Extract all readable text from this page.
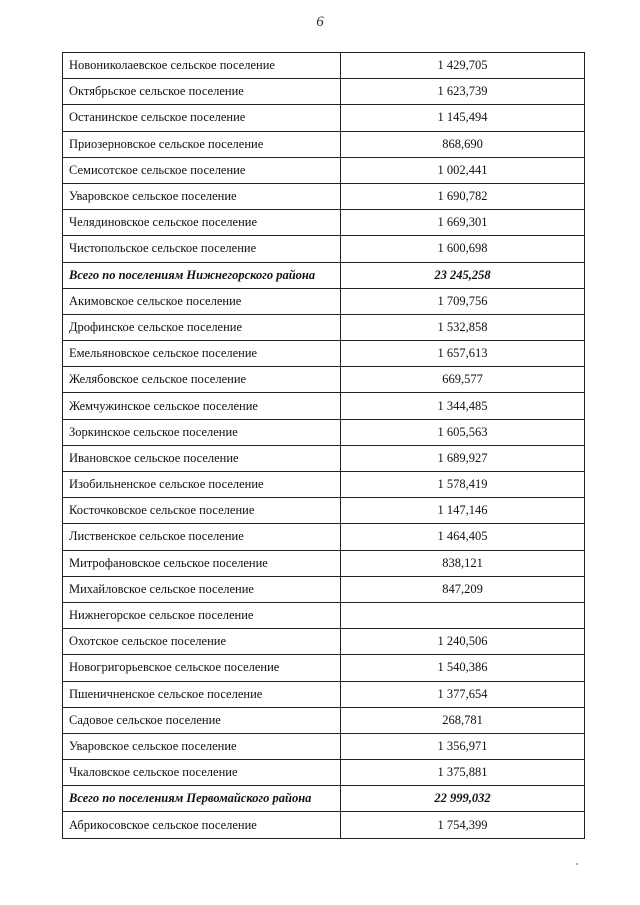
6
Новониколаевское сельское поселение	1 429,705
Октябрьское сельское поселение	1 623,739
Останинское сельское поселение	1 145,494
Приозерновское сельское поселение	868,690
Семисотское сельское поселение	1 002,441
Уваровское сельское поселение	1 690,782
Челядиновское сельское поселение	1 669,301
Чистопольское сельское поселение	1 600,698
Всего по поселениям Нижнегорского района	23 245,258
Акимовское сельское поселение	1 709,756
Дрофинское сельское поселение	1 532,858
Емельяновское сельское поселение	1 657,613
Желябовское сельское поселение	669,577
Жемчужинское сельское поселение	1 344,485
Зоркинское сельское поселение	1 605,563
Ивановское сельское поселение	1 689,927
Изобильненское сельское поселение	1 578,419
Косточковское сельское поселение	1 147,146
Лиственское сельское поселение	1 464,405
Митрофановское сельское поселение	838,121
Михайловское сельское поселение	847,209
Нижнегорское сельское поселение	
Охотское сельское поселение	1 240,506
Новогригорьевское сельское поселение	1 540,386
Пшеничненское сельское поселение	1 377,654
Садовое сельское поселение	268,781
Уваровское сельское поселение	1 356,971
Чкаловское сельское поселение	1 375,881
Всего по поселениям Первомайского района	22 999,032
Абрикосовское сельское поселение	1 754,399
